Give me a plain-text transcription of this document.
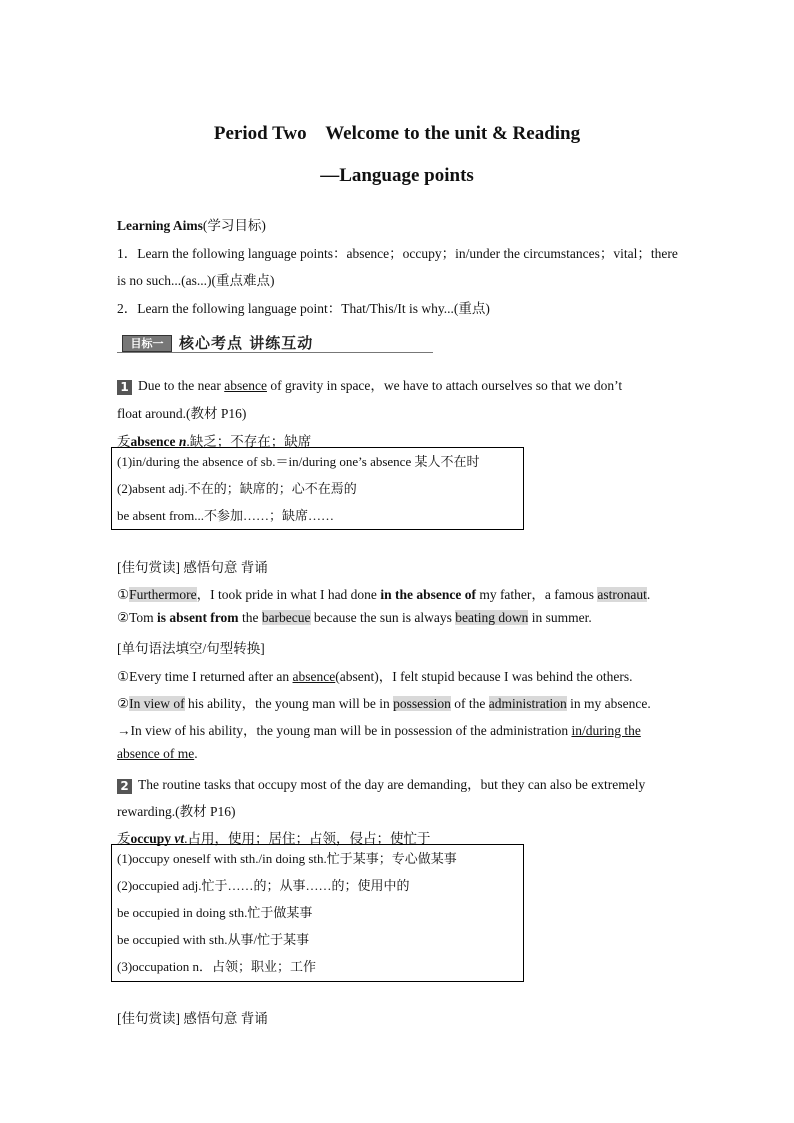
Period Two    Welcome to the unit & Reading
—Language points
Learning Aims(学习目标)
1．Learn the following language points：absence；occupy；in/under the circumstances；vital；there
is no such...(as...)(重点难点)
2．Learn the following language point：That/This/It is why...(重点)
目标一	核心考点 讲练互动
1 Due to the near absence of gravity in space，we have to attach ourselves so that we don’t
float around.(教材 P16)
叐absence n.缺乏；不存在；缺席
(1)in/during the absence of sb.＝in/during one’s absence 某人不在时
(2)absent adj.不在的；缺席的；心不在焉的
be absent from...不参加……；缺席……
[佳句赏读] 感悟句意 背诵
①Furthermore，I took pride in what I had done in the absence of my father，a famous astronaut.
②Tom is absent from the barbecue because the sun is always beating down in summer.
[单句语法填空/句型转换]
①Every time I returned after an absence(absent)，I felt stupid because I was behind the others.
②In view of his ability，the young man will be in possession of the administration in my absence.
→In view of his ability，the young man will be in possession of the administration in/during the
absence of me.
2 The routine tasks that occupy most of the day are demanding，but they can also be extremely
rewarding.(教材 P16)
叐occupy vt.占用，使用；居住；占领，侵占；使忙于
(1)occupy oneself with sth./in doing sth.忙于某事；专心做某事
(2)occupied adj.忙于……的；从事……的；使用中的
be occupied in doing sth.忙于做某事
be occupied with sth.从事/忙于某事
(3)occupation n．占领；职业；工作
[佳句赏读] 感悟句意 背诵
